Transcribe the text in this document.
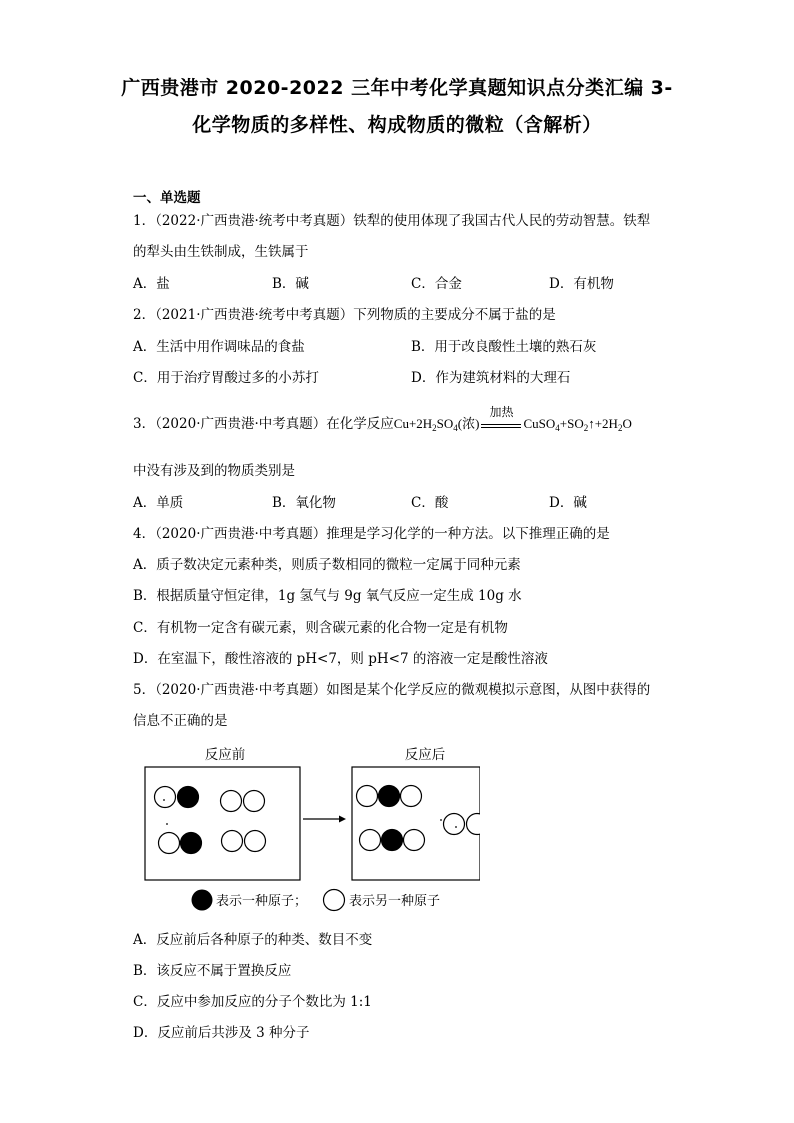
广西贵港市 2020-2022 三年中考化学真题知识点分类汇编 3-
化学物质的多样性、构成物质的微粒（含解析）
一、单选题
1．（2022·广西贵港·统考中考真题）铁犁的使用体现了我国古代人民的劳动智慧。铁犁
的犁头由生铁制成，生铁属于
A．盐	B．碱	C．合金	D．有机物
2．（2021·广西贵港·统考中考真题）下列物质的主要成分不属于盐的是
A．生活中用作调味品的食盐	B．用于改良酸性土壤的熟石灰
C．用于治疗胃酸过多的小苏打	D．作为建筑材料的大理石
3．（2020·广西贵港·中考真题）在化学反应$Cu+2H_2SO_4$(浓)
加热
$CuSO_4+SO_2↑+2H_2O$
中没有涉及到的物质类别是
A．单质	B．氧化物	C．酸	D．碱
4．（2020·广西贵港·中考真题）推理是学习化学的一种方法。以下推理正确的是
A．质子数决定元素种类，则质子数相同的微粒一定属于同种元素
B．根据质量守恒定律，1g 氢气与 9g 氧气反应一定生成 10g 水
C．有机物一定含有碳元素，则含碳元素的化合物一定是有机物
D．在室温下，酸性溶液的 pH<7，则 pH<7 的溶液一定是酸性溶液
5．（2020·广西贵港·中考真题）如图是某个化学反应的微观模拟示意图，从图中获得的
信息不正确的是
反应前	反应后
表示一种原子；	表示另一种原子
A．反应前后各种原子的种类、数目不变
B．该反应不属于置换反应
C．反应中参加反应的分子个数比为 1:1
D．反应前后共涉及 3 种分子
